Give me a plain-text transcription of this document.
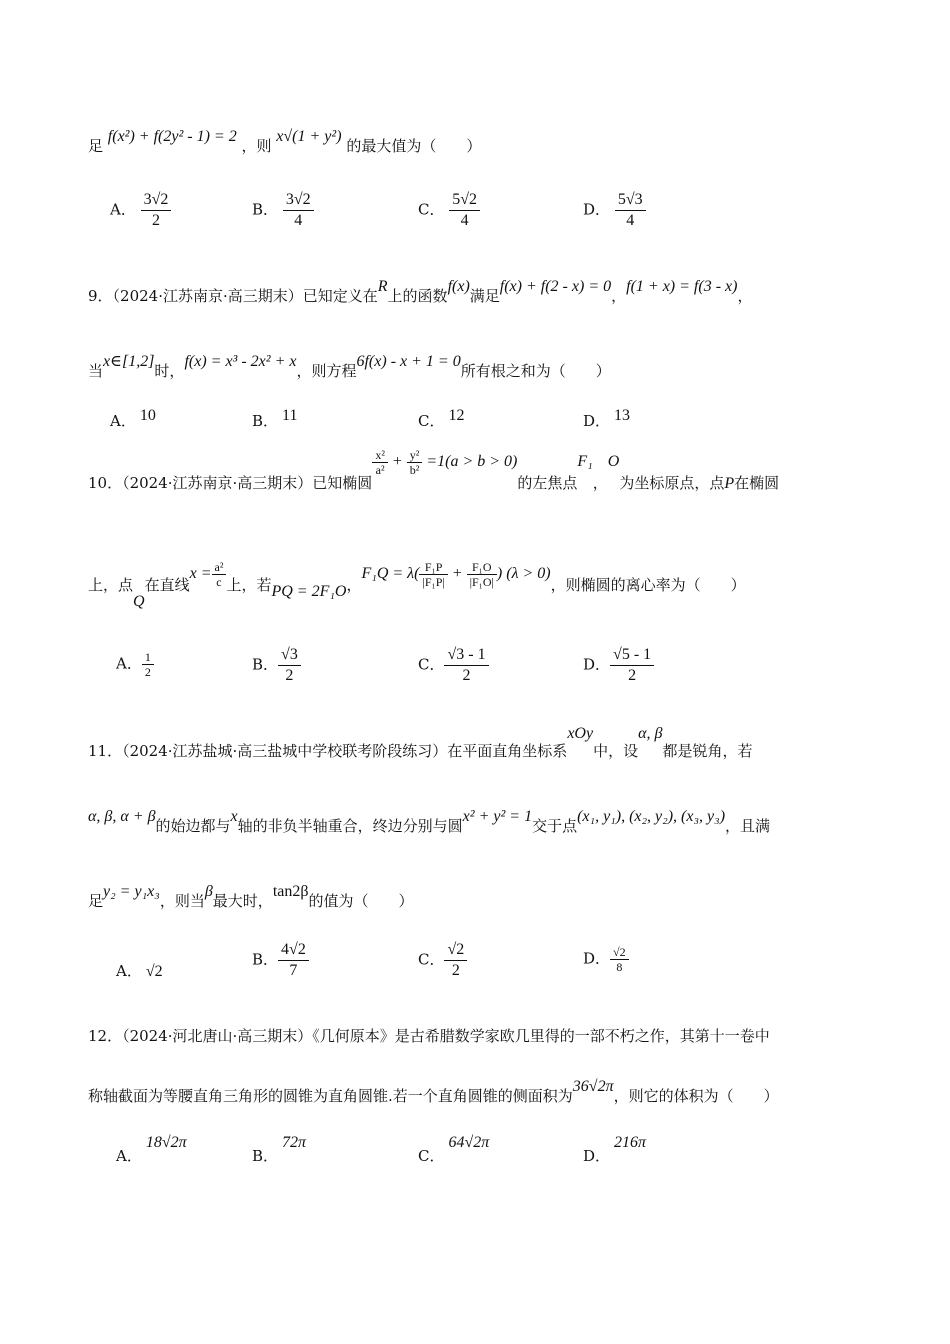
足 f(x²) + f(2y² - 1) = 2 ，则 x√(1 + y²) 的最大值为（　　）
A． $\frac{3√2}{2}$	B． $\frac{3√2}{4}$	C． $\frac{5√2}{4}$	D． $\frac{5√3}{4}$
9．（2024·江苏南京·高三期末）已知定义在R上的函数f(x)满足f(x) + f(2 - x) = 0，f(1 + x) = f(3 - x)，
当x∈[1,2]时，f(x) = x³ - 2x² + x，则方程6f(x) - x + 1 = 0所有根之和为（　　）
A． 10	B． 11	C． 12	D． 13
10．（2024·江苏南京·高三期末）已知椭圆
$\frac{\text{x²}}{\text{a²}} + \frac{\text{y²}}{\text{b²}} =1(a > b > 0)$的左焦点F₁，O为坐标原点，点P在椭圆
上，点Q在直线$x = \frac{\text{a²}}{c}$ 上，若PQ = 2F₁O，$F_1Q = \lambda( \frac{\text{F₁P}}{\text{|F₁P|}} + \frac{\text{F₁O}}{\text{|F₁O|}}$ ) (λ > 0)，则椭圆的离心率为（　　）
A． $\frac{1}{2}$	B． $\frac{√3}{2}$	C． $\frac{√3 - 1}{2}$	D． $\frac{√5 - 1}{2}$
11．（2024·江苏盐城·高三盐城中学校联考阶段练习）在平面直角坐标系xOy中，设α, β都是锐角，若
α, β, α + β的始边都与x轴的非负半轴重合，终边分别与圆x² + y² = 1交于点(x₁, y₁), (x₂, y₂), (x₃, y₃)，且满
足y₂ = y₁x₃，则当β最大时，tan2β的值为（　　）
A． √2
B． $\frac{4√2}{7}$	C． $\frac{√2}{2}$	D． $\frac{√2}{8}$
12．（2024·河北唐山·高三期末）《几何原本》是古希腊数学家欧几里得的一部不朽之作，其第十一卷中
称轴截面为等腰直角三角形的圆锥为直角圆锥.若一个直角圆锥的侧面积为36√2π，则它的体积为（　　）
A．18√2π
B．72π
C．64√2π
D．216π
